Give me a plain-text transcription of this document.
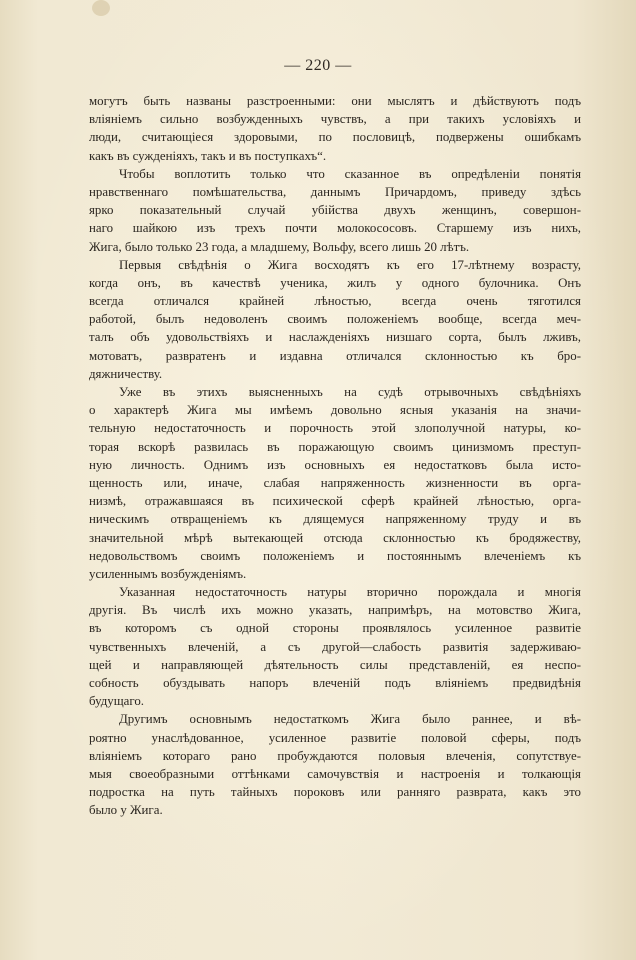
— 220 —
могутъ быть названы разстроенными: они мыслятъ и дѣйствуютъ подъ
вліяніемъ сильно возбужденныхъ чувствъ, а при такихъ условіяхъ и
люди, считающіеся здоровыми, по пословицѣ, подвержены ошибкамъ
какъ въ сужденіяхъ, такъ и въ поступкахъ“.
Чтобы воплотить только что сказанное въ опредѣленіи понятія
нравственнаго помѣшательства, даннымъ Причардомъ, приведу здѣсь
ярко показательный случай убійства двухъ женщинъ, совершон-
наго шайкою изъ трехъ почти молокососовъ. Старшему изъ нихъ,
Жига, было только 23 года, а младшему, Вольфу, всего лишь 20 лѣтъ.
Первыя свѣдѣнія о Жига восходятъ къ его 17-лѣтнему возрасту,
когда онъ, въ качествѣ ученика, жилъ у одного булочника. Онъ
всегда отличался крайней лѣностью, всегда очень тяготился
работой, былъ недоволенъ своимъ положеніемъ вообще, всегда меч-
талъ объ удовольствіяхъ и наслажденіяхъ низшаго сорта, былъ лживъ,
мотоватъ, развратенъ и издавна отличался склонностью къ бро-
дяжничеству.
Уже въ этихъ выясненныхъ на судѣ отрывочныхъ свѣдѣніяхъ
о характерѣ Жига мы имѣемъ довольно ясныя указанія на значи-
тельную недостаточность и порочность этой злополучной натуры, ко-
торая вскорѣ развилась въ поражающую своимъ цинизмомъ преступ-
ную личность. Однимъ изъ основныхъ ея недостатковъ была исто-
щенность или, иначе, слабая напряженность жизненности въ орга-
низмѣ, отражавшаяся въ психической сферѣ крайней лѣностью, орга-
ническимъ отвращеніемъ къ длящемуся напряженному труду и въ
значительной мѣрѣ вытекающей отсюда склонностью къ бродяжеству,
недовольствомъ своимъ положеніемъ и постояннымъ влеченіемъ къ
усиленнымъ возбужденіямъ.
Указанная недостаточность натуры вторично порождала и многія
другія. Въ числѣ ихъ можно указать, напримѣръ, на мотовство Жига,
въ которомъ съ одной стороны проявлялось усиленное развитіе
чувственныхъ влеченій, а съ другой—слабость развитія задерживаю-
щей и направляющей дѣятельность силы представленій, ея неспо-
собность обуздывать напоръ влеченій подъ вліяніемъ предвидѣнія
будущаго.
Другимъ основнымъ недостаткомъ Жига было раннее, и вѣ-
роятно унаслѣдованное, усиленное развитіе половой сферы, подъ
вліяніемъ котораго рано пробуждаются половыя влеченія, сопутствуе-
мыя своеобразными оттѣнками самочувствія и настроенія и толкающія
подростка на путь тайныхъ пороковъ или ранняго разврата, какъ это
было у Жига.
